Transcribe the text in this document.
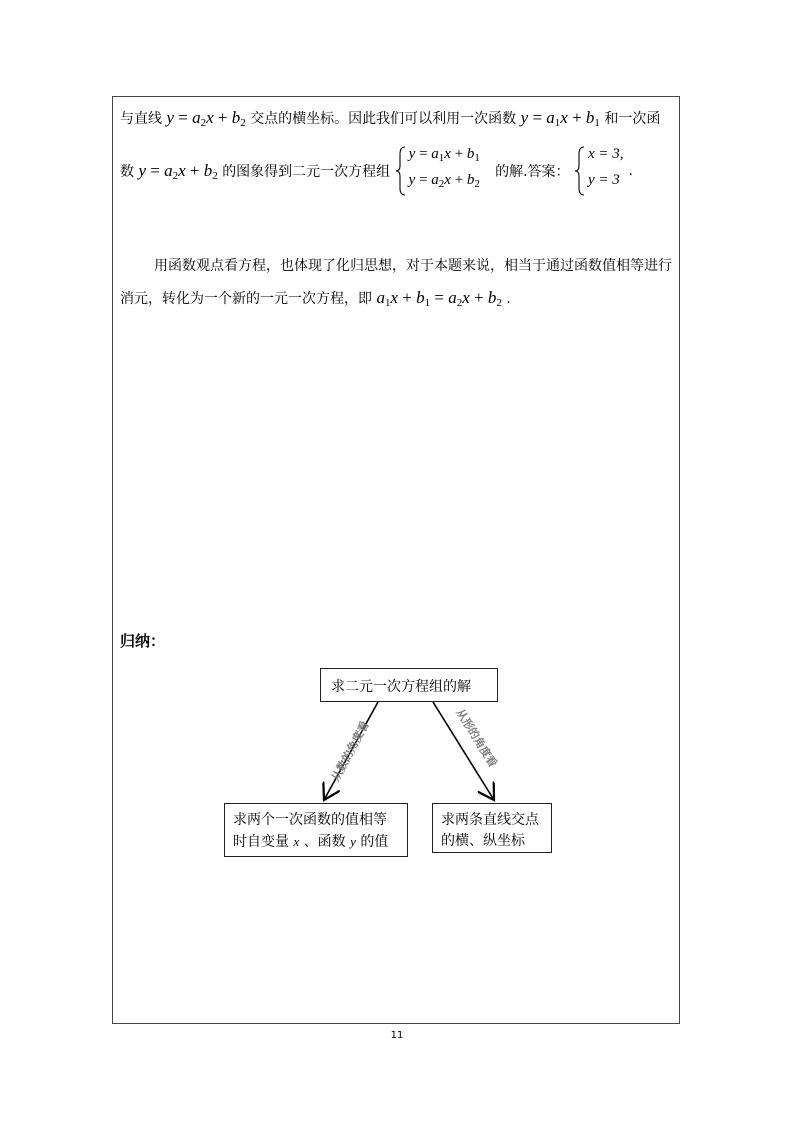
与直线 $y = a_2x + b_2$ 交点的横坐标。因此我们可以利用一次函数 $y = a_1x + b_1$ 和一次函
数 $y = a_2x + b_2$ 的图象得到二元一次方程组
$y = a_1x + b_1$
$y = a_2x + b_2$
的解.答案：
x = 3,
y = 3
.
用函数观点看方程，也体现了化归思想，对于本题来说，相当于通过函数值相等进行
消元，转化为一个新的一元一次方程，即 $a_1x + b_1 = a_2x + b_2$ .
归纳：
从数的角度看	从形的角度看
求二元一次方程组的解
求两个一次函数的值相等
时自变量 x 、函数 y 的值
求两条直线交点
的横、纵坐标
11
